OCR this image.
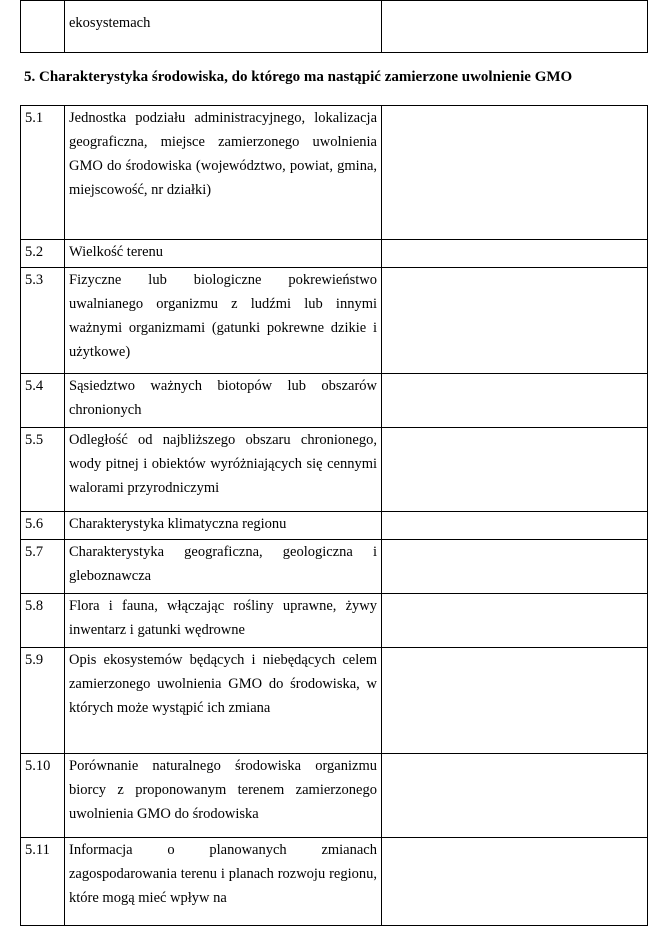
	ekosystemach	
5. Charakterystyka środowiska, do którego ma nastąpić zamierzone uwolnienie GMO
5.1	Jednostka podziału administracyjnego, lokalizacja geograficzna, miejsce zamierzonego uwolnienia GMO do środowiska (województwo, powiat, gmina, miejscowość, nr działki)	
5.2	Wielkość terenu	
5.3	Fizyczne lub biologiczne pokrewieństwo uwalnianego organizmu z ludźmi lub innymi ważnymi organizmami (gatunki pokrewne dzikie i użytkowe)	
5.4	Sąsiedztwo ważnych biotopów lub obszarów chronionych	
5.5	Odległość od najbliższego obszaru chronionego, wody pitnej i obiektów wyróżniających się cennymi walorami przyrodniczymi	
5.6	Charakterystyka klimatyczna regionu	
5.7	Charakterystyka geograficzna, geologiczna i gleboznawcza	
5.8	Flora i fauna, włączając rośliny uprawne, żywy inwentarz i gatunki wędrowne	
5.9	Opis ekosystemów będących i niebędących celem zamierzonego uwolnienia GMO do środowiska, w których może wystąpić ich zmiana	
5.10	Porównanie naturalnego środowiska organizmu biorcy z proponowanym terenem zamierzonego uwolnienia GMO do środowiska	
5.11	Informacja o planowanych zmianach zagospodarowania terenu i planach rozwoju regionu, które mogą mieć wpływ na	
